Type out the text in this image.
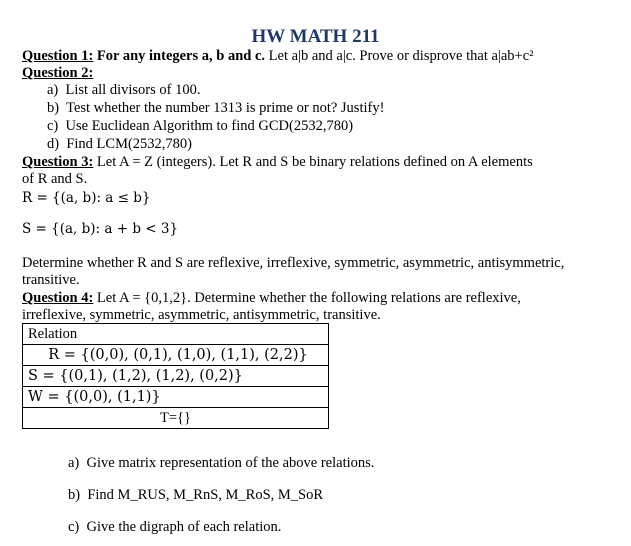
HW MATH 211
Question 1: For any integers a, b and c. Let a|b and a|c. Prove or disprove that a|ab+c²
Question 2:
a) List all divisors of 100.
b) Test whether the number 1313 is prime or not? Justify!
c) Use Euclidean Algorithm to find GCD(2532,780)
d) Find LCM(2532,780)
Question 3: Let A = Z (integers). Let R and S be binary relations defined on A elements
of R and S.
R = {(a, b): a ≤ b}
S = {(a, b): a + b < 3}
Determine whether R and S are reflexive, irreflexive, symmetric, asymmetric, antisymmetric,
transitive.
Question 4: Let A = {0,1,2}. Determine whether the following relations are reflexive,
irreflexive, symmetric, asymmetric, antisymmetric, transitive.
Relation
R = {(0,0), (0,1), (1,0), (1,1), (2,2)}
S = {(0,1), (1,2), (1,2), (0,2)}
W = {(0,0), (1,1)}
T={}
a) Give matrix representation of the above relations.
b) Find M_RUS, M_RnS, M_RoS, M_SoR
c) Give the digraph of each relation.
